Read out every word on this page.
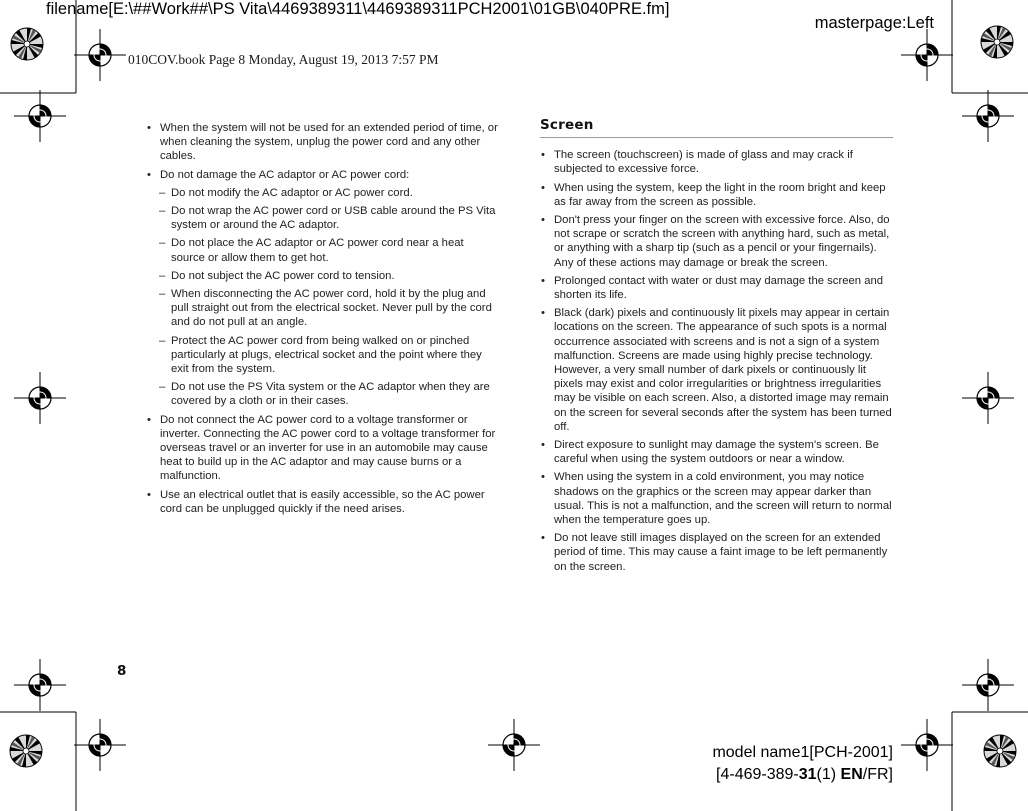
filename[E:\##Work##\PS Vita\4469389311\4469389311PCH2001\01GB\040PRE.fm]
masterpage:Left
010COV.book Page 8 Monday, August 19, 2013 7:57 PM
• When the system will not be used for an extended period of time, or when cleaning the system, unplug the power cord and any other cables.
• Do not damage the AC adaptor or AC power cord:
– Do not modify the AC adaptor or AC power cord.
– Do not wrap the AC power cord or USB cable around the PS Vita system or around the AC adaptor.
– Do not place the AC adaptor or AC power cord near a heat source or allow them to get hot.
– Do not subject the AC power cord to tension.
– When disconnecting the AC power cord, hold it by the plug and pull straight out from the electrical socket. Never pull by the cord and do not pull at an angle.
– Protect the AC power cord from being walked on or pinched particularly at plugs, electrical socket and the point where they exit from the system.
– Do not use the PS Vita system or the AC adaptor when they are covered by a cloth or in their cases.
• Do not connect the AC power cord to a voltage transformer or inverter. Connecting the AC power cord to a voltage transformer for overseas travel or an inverter for use in an automobile may cause heat to build up in the AC adaptor and may cause burns or a malfunction.
• Use an electrical outlet that is easily accessible, so the AC power cord can be unplugged quickly if the need arises.
Screen
• The screen (touchscreen) is made of glass and may crack if subjected to excessive force.
• When using the system, keep the light in the room bright and keep as far away from the screen as possible.
• Don't press your finger on the screen with excessive force. Also, do not scrape or scratch the screen with anything hard, such as metal, or anything with a sharp tip (such as a pencil or your fingernails). Any of these actions may damage or break the screen.
• Prolonged contact with water or dust may damage the screen and shorten its life.
• Black (dark) pixels and continuously lit pixels may appear in certain locations on the screen. The appearance of such spots is a normal occurrence associated with screens and is not a sign of a system malfunction. Screens are made using highly precise technology. However, a very small number of dark pixels or continuously lit pixels may exist and color irregularities or brightness irregularities may be visible on each screen. Also, a distorted image may remain on the screen for several seconds after the system has been turned off.
• Direct exposure to sunlight may damage the system's screen. Be careful when using the system outdoors or near a window.
• When using the system in a cold environment, you may notice shadows on the graphics or the screen may appear darker than usual. This is not a malfunction, and the screen will return to normal when the temperature goes up.
• Do not leave still images displayed on the screen for an extended period of time. This may cause a faint image to be left permanently on the screen.
8
model name1[PCH-2001]
[4-469-389-31(1) EN/FR]
